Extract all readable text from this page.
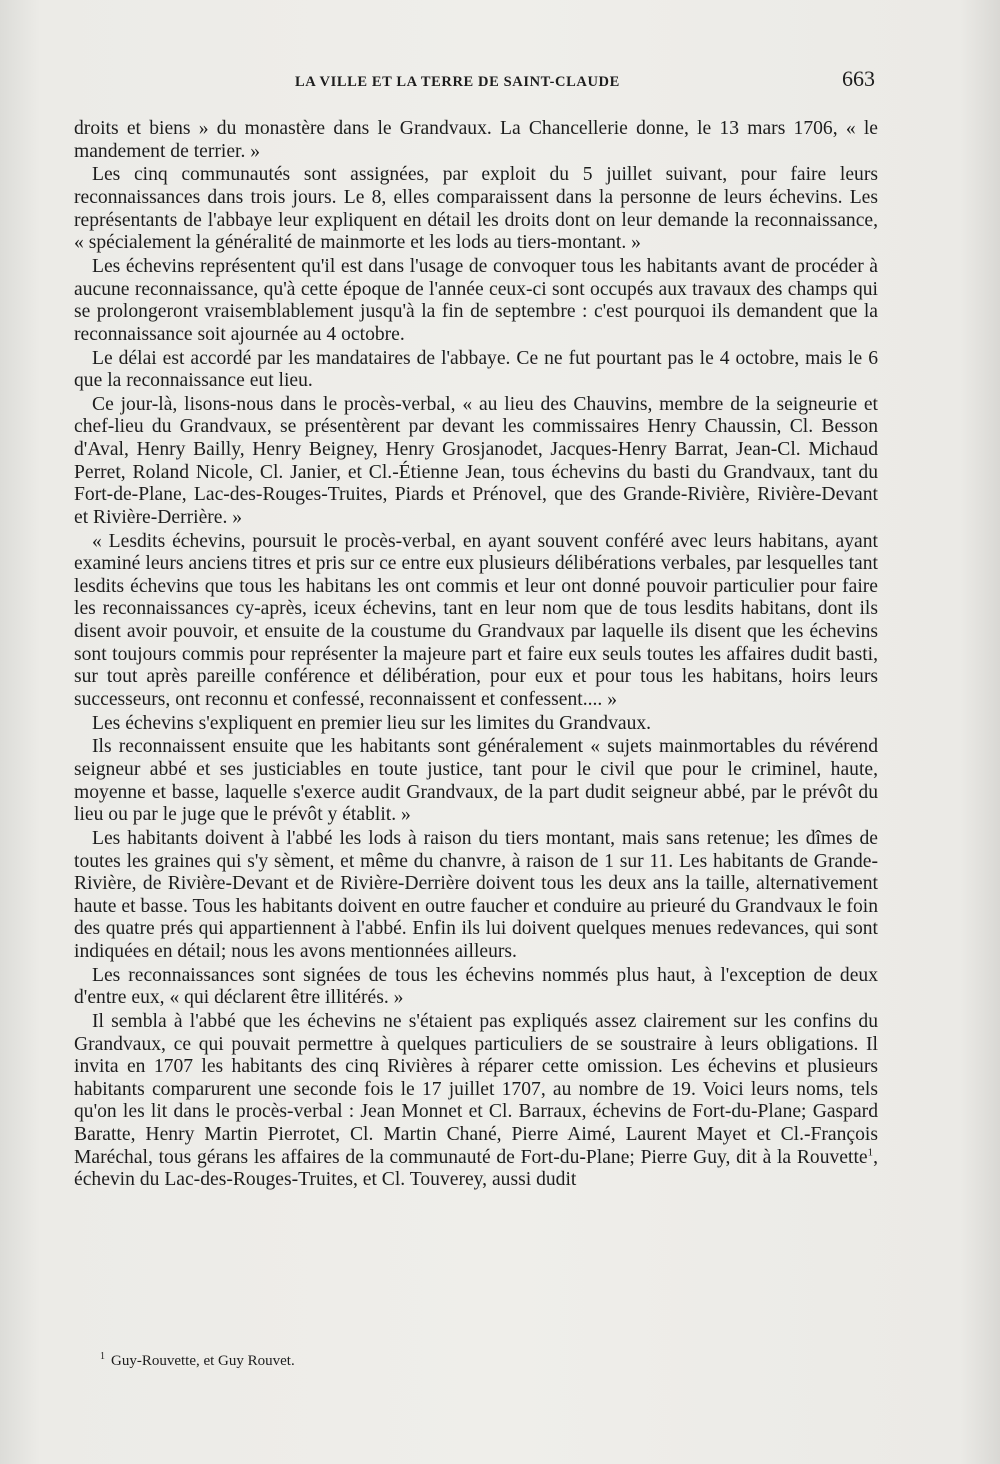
LA VILLE ET LA TERRE DE SAINT-CLAUDE	663

droits et biens » du monastère dans le Grandvaux. La Chancellerie donne, le 13 mars 1706, « le mandement de terrier. »

Les cinq communautés sont assignées, par exploit du 5 juillet suivant, pour faire leurs reconnaissances dans trois jours. Le 8, elles comparaissent dans la personne de leurs échevins. Les représentants de l'abbaye leur expliquent en détail les droits dont on leur demande la reconnaissance, « spécialement la généralité de mainmorte et les lods au tiers-montant. »

Les échevins représentent qu'il est dans l'usage de convoquer tous les habitants avant de procéder à aucune reconnaissance, qu'à cette époque de l'année ceux-ci sont occupés aux travaux des champs qui se prolongeront vraisemblablement jusqu'à la fin de septembre : c'est pourquoi ils demandent que la reconnaissance soit ajournée au 4 octobre.

Le délai est accordé par les mandataires de l'abbaye. Ce ne fut pourtant pas le 4 octobre, mais le 6 que la reconnaissance eut lieu.

Ce jour-là, lisons-nous dans le procès-verbal, « au lieu des Chauvins, membre de la seigneurie et chef-lieu du Grandvaux, se présentèrent par devant les commissaires Henry Chaussin, Cl. Besson d'Aval, Henry Bailly, Henry Beigney, Henry Grosjanodet, Jacques-Henry Barrat, Jean-Cl. Michaud Perret, Roland Nicole, Cl. Janier, et Cl.-Étienne Jean, tous échevins du basti du Grandvaux, tant du Fort-de-Plane, Lac-des-Rouges-Truites, Piards et Prénovel, que des Grande-Rivière, Rivière-Devant et Rivière-Derrière. »

« Lesdits échevins, poursuit le procès-verbal, en ayant souvent conféré avec leurs habitans, ayant examiné leurs anciens titres et pris sur ce entre eux plusieurs délibérations verbales, par lesquelles tant lesdits échevins que tous les habitans les ont commis et leur ont donné pouvoir particulier pour faire les reconnaissances cy-après, iceux échevins, tant en leur nom que de tous lesdits habitans, dont ils disent avoir pouvoir, et ensuite de la coustume du Grandvaux par laquelle ils disent que les échevins sont toujours commis pour représenter la majeure part et faire eux seuls toutes les affaires dudit basti, sur tout après pareille conférence et délibération, pour eux et pour tous les habitans, hoirs leurs successeurs, ont reconnu et confessé, reconnaissent et confessent.... »

Les échevins s'expliquent en premier lieu sur les limites du Grandvaux.

Ils reconnaissent ensuite que les habitants sont généralement « sujets mainmortables du révérend seigneur abbé et ses justiciables en toute justice, tant pour le civil que pour le criminel, haute, moyenne et basse, laquelle s'exerce audit Grandvaux, de la part dudit seigneur abbé, par le prévôt du lieu ou par le juge que le prévôt y établit. »

Les habitants doivent à l'abbé les lods à raison du tiers montant, mais sans retenue; les dîmes de toutes les graines qui s'y sèment, et même du chanvre, à raison de 1 sur 11. Les habitants de Grande-Rivière, de Rivière-Devant et de Rivière-Derrière doivent tous les deux ans la taille, alternativement haute et basse. Tous les habitants doivent en outre faucher et conduire au prieuré du Grandvaux le foin des quatre prés qui appartiennent à l'abbé. Enfin ils lui doivent quelques menues redevances, qui sont indiquées en détail; nous les avons mentionnées ailleurs.

Les reconnaissances sont signées de tous les échevins nommés plus haut, à l'exception de deux d'entre eux, « qui déclarent être illitérés. »

Il sembla à l'abbé que les échevins ne s'étaient pas expliqués assez clairement sur les confins du Grandvaux, ce qui pouvait permettre à quelques particuliers de se soustraire à leurs obligations. Il invita en 1707 les habitants des cinq Rivières à réparer cette omission. Les échevins et plusieurs habitants comparurent une seconde fois le 17 juillet 1707, au nombre de 19. Voici leurs noms, tels qu'on les lit dans le procès-verbal : Jean Monnet et Cl. Barraux, échevins de Fort-du-Plane; Gaspard Baratte, Henry Martin Pierrotet, Cl. Martin Chané, Pierre Aimé, Laurent Mayet et Cl.-François Maréchal, tous gérans les affaires de la communauté de Fort-du-Plane; Pierre Guy, dit à la Rouvette$^1$, échevin du Lac-des-Rouges-Truites, et Cl. Touverey, aussi dudit

$^1$ Guy-Rouvette, et Guy Rouvet.
